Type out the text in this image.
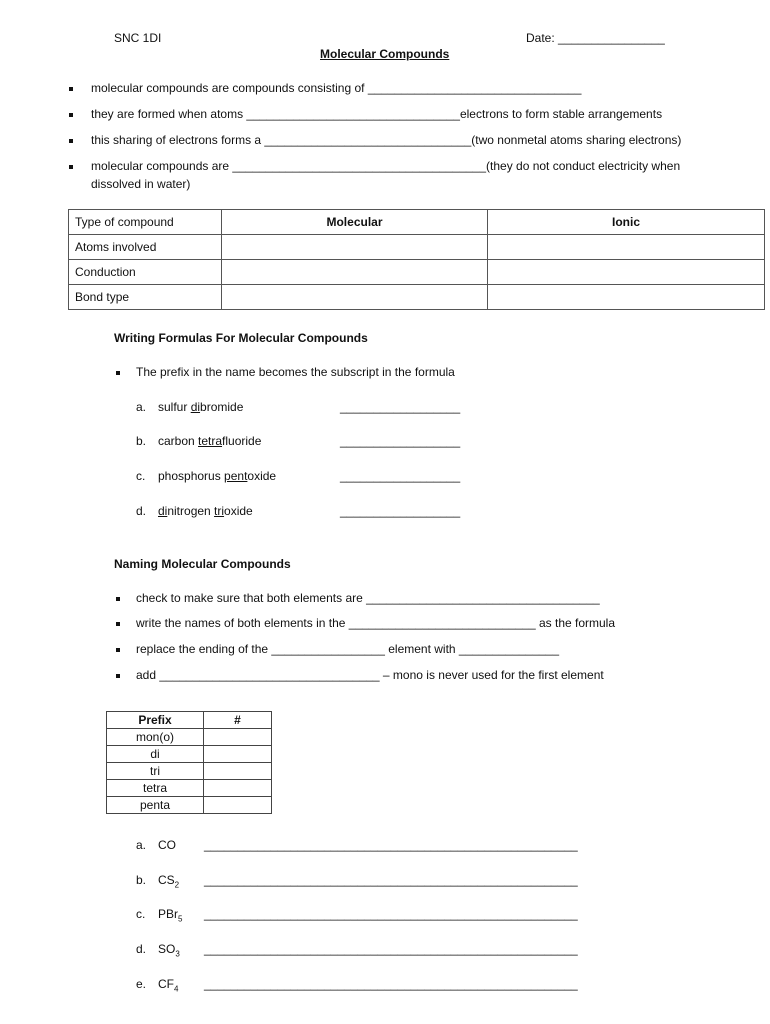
SNC 1DI	Date: ________________
Molecular Compounds
molecular compounds are compounds consisting of ________________________________
they are formed when atoms ________________________________electrons to form stable arrangements
this sharing of electrons forms a _______________________________(two nonmetal atoms sharing electrons)
molecular compounds are ______________________________________(they do not conduct electricity when
dissolved in water)
Type of compound	Molecular	Ionic
Atoms involved		
Conduction		
Bond type		
Writing Formulas For Molecular Compounds
The prefix in the name becomes the subscript in the formula
a. sulfur dibromide	__________________
b. carbon tetrafluoride	__________________
c. phosphorus pentoxide	__________________
d. dinitrogen trioxide	__________________
Naming Molecular Compounds
check to make sure that both elements are ___________________________________
write the names of both elements in the ____________________________ as the formula
replace the ending of the _________________ element with _______________
add _________________________________ – mono is never used for the first element
Prefix	#
mon(o)	
di	
tri	
tetra	
penta	
a. CO ________________________________________________________
b. $CS_2$ ________________________________________________________
c. PBr$_5$ ________________________________________________________
d. $SO_3$ ________________________________________________________
e. $CF_4$ ________________________________________________________
